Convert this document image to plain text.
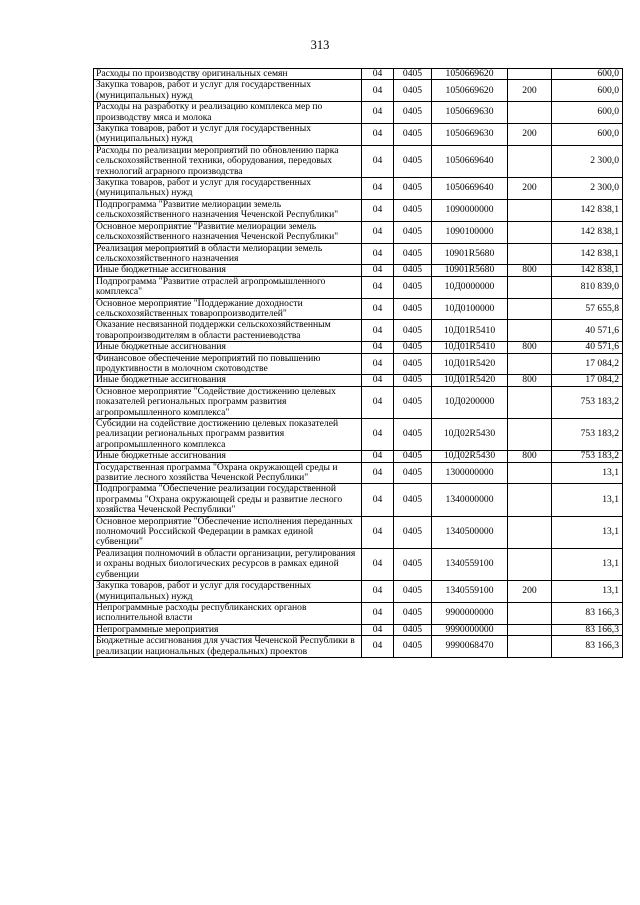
313
Расходы по производству оригинальных семян	04	0405	1050669620		600,0
Закупка товаров, работ и услуг для государственных (муниципальных) нужд	04	0405	1050669620	200	600,0
Расходы на разработку и реализацию комплекса мер по производству мяса и молока	04	0405	1050669630		600,0
Закупка товаров, работ и услуг для государственных (муниципальных) нужд	04	0405	1050669630	200	600,0
Расходы по реализации мероприятий по обновлению парка сельскохозяйственной техники, оборудования, передовых технологий аграрного производства	04	0405	1050669640		2 300,0
Закупка товаров, работ и услуг для государственных (муниципальных) нужд	04	0405	1050669640	200	2 300,0
Подпрограмма "Развитие мелиорации земель сельскохозяйственного назначения Чеченской Республики"	04	0405	1090000000		142 838,1
Основное мероприятие "Развитие мелиорации земель сельскохозяйственного назначения Чеченской Республики"	04	0405	1090100000		142 838,1
Реализация мероприятий в области мелиорации земель сельскохозяйственного назначения	04	0405	10901R5680		142 838,1
Иные бюджетные ассигнования	04	0405	10901R5680	800	142 838,1
Подпрограмма "Развитие отраслей агропромышленного комплекса"	04	0405	10Д0000000		810 839,0
Основное мероприятие "Поддержание доходности сельскохозяйственных товаропроизводителей"	04	0405	10Д0100000		57 655,8
Оказание несвязанной поддержки сельскохозяйственным товаропроизводителям в области растениеводства	04	0405	10Д01R5410		40 571,6
Иные бюджетные ассигнования	04	0405	10Д01R5410	800	40 571,6
Финансовое обеспечение мероприятий по повышению продуктивности в молочном скотоводстве	04	0405	10Д01R5420		17 084,2
Иные бюджетные ассигнования	04	0405	10Д01R5420	800	17 084,2
Основное мероприятие "Содействие достижению целевых показателей региональных программ развития агропромышленного комплекса"	04	0405	10Д0200000		753 183,2
Субсидии на содействие достижению целевых показателей реализации региональных программ развития агропромышленного комплекса	04	0405	10Д02R5430		753 183,2
Иные бюджетные ассигнования	04	0405	10Д02R5430	800	753 183,2
Государственная программа "Охрана окружающей среды и развитие лесного хозяйства Чеченской Республики"	04	0405	1300000000		13,1
Подпрограмма "Обеспечение реализации государственной программы "Охрана окружающей среды и развитие лесного хозяйства Чеченской Республики"	04	0405	1340000000		13,1
Основное мероприятие "Обеспечение исполнения переданных полномочий Российской Федерации в рамках единой субвенции"	04	0405	1340500000		13,1
Реализация полномочий в области организации, регулирования и охраны водных биологических ресурсов в рамках единой субвенции	04	0405	1340559100		13,1
Закупка товаров, работ и услуг для государственных (муниципальных) нужд	04	0405	1340559100	200	13,1
Непрограммные расходы республиканских органов исполнительной власти	04	0405	9900000000		83 166,3
Непрограммные мероприятия	04	0405	9990000000		83 166,3
Бюджетные ассигнования для участия Чеченской Республики в реализации национальных (федеральных) проектов	04	0405	9990068470		83 166,3
